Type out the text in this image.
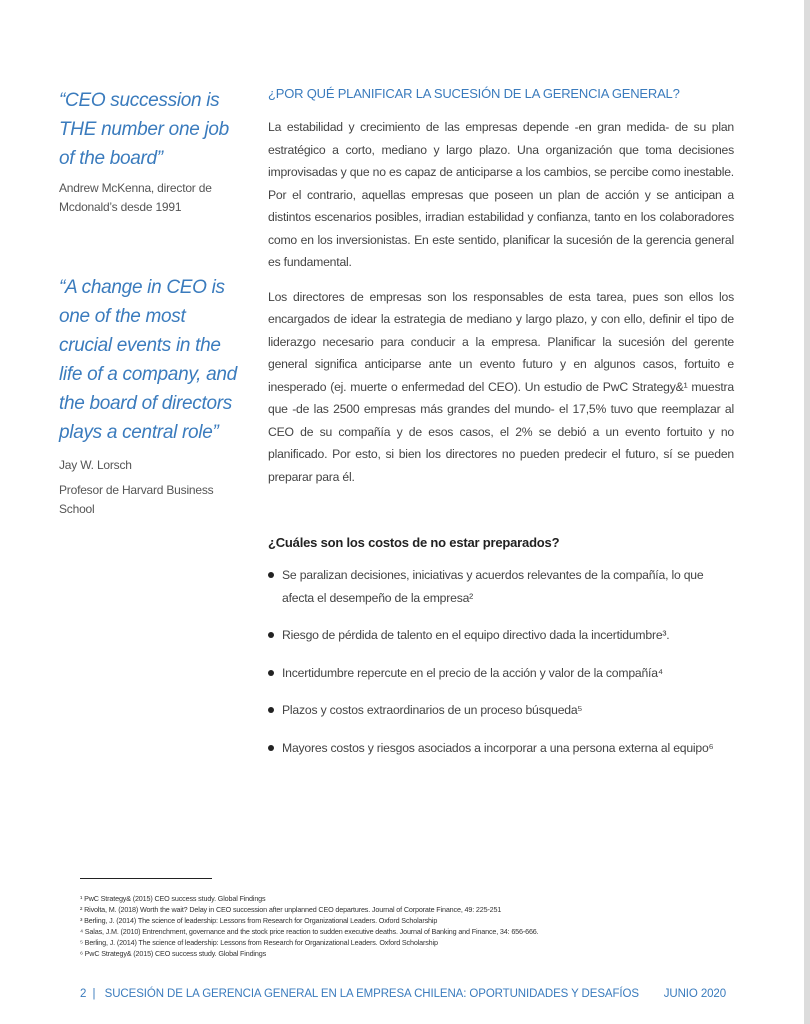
“CEO succession is THE number one job of the board”

Andrew McKenna, director de Mcdonald’s desde 1991

“A change in CEO is one of the most crucial events in the life of a company, and the board of directors plays a central role”

Jay W. Lorsch

Profesor de Harvard Business School

¿POR QUÉ PLANIFICAR LA SUCESIÓN DE LA GERENCIA GENERAL?

La estabilidad y crecimiento de las empresas depende -en gran medida- de su plan estratégico a corto, mediano y largo plazo. Una organización que toma decisiones improvisadas y que no es capaz de anticiparse a los cambios, se percibe como inestable. Por el contrario, aquellas empresas que poseen un plan de acción y se anticipan a distintos escenarios posibles, irradian estabilidad y confianza, tanto en los colaboradores como en los inversionistas. En este sentido, planificar la sucesión de la gerencia general es fundamental.

Los directores de empresas son los responsables de esta tarea, pues son ellos los encargados de idear la estrategia de mediano y largo plazo, y con ello, definir el tipo de liderazgo necesario para conducir a la empresa. Planificar la sucesión del gerente general significa anticiparse ante un evento futuro y en algunos casos, fortuito e inesperado (ej. muerte o enfermedad del CEO). Un estudio de PwC Strategy&¹ muestra que -de las 2500 empresas más grandes del mundo- el 17,5% tuvo que reemplazar al CEO de su compañía y de esos casos, el 2% se debió a un evento fortuito y no planificado. Por esto, si bien los directores no pueden predecir el futuro, sí se pueden preparar para él.

¿Cuáles son los costos de no estar preparados?
Se paralizan decisiones, iniciativas y acuerdos relevantes de la compañía, lo que afecta el desempeño de la empresa²
Riesgo de pérdida de talento en el equipo directivo dada la incertidumbre³.
Incertidumbre repercute en el precio de la acción y valor de la compañía⁴
Plazos y costos extraordinarios de un proceso búsqueda⁵
Mayores costos y riesgos asociados a incorporar a una persona externa al equipo⁶
¹ PwC Strategy& (2015) CEO success study. Global Findings
² Rivolta, M. (2018) Worth the wait? Delay in CEO succession after unplanned CEO departures. Journal of Corporate Finance, 49: 225-251
³ Berling, J. (2014) The science of leadership: Lessons from Research for Organizational Leaders. Oxford Scholarship
⁴ Salas, J.M. (2010) Entrenchment, governance and the stock price reaction to sudden executive deaths. Journal of Banking and Finance, 34: 656-666.
⁵ Berling, J. (2014) The science of leadership: Lessons from Research for Organizational Leaders. Oxford Scholarship
⁶ PwC Strategy& (2015) CEO success study. Global Findings
2  |   SUCESIÓN DE LA GERENCIA GENERAL EN LA EMPRESA CHILENA: OPORTUNIDADES Y DESAFÍOS JUNIO 2020
